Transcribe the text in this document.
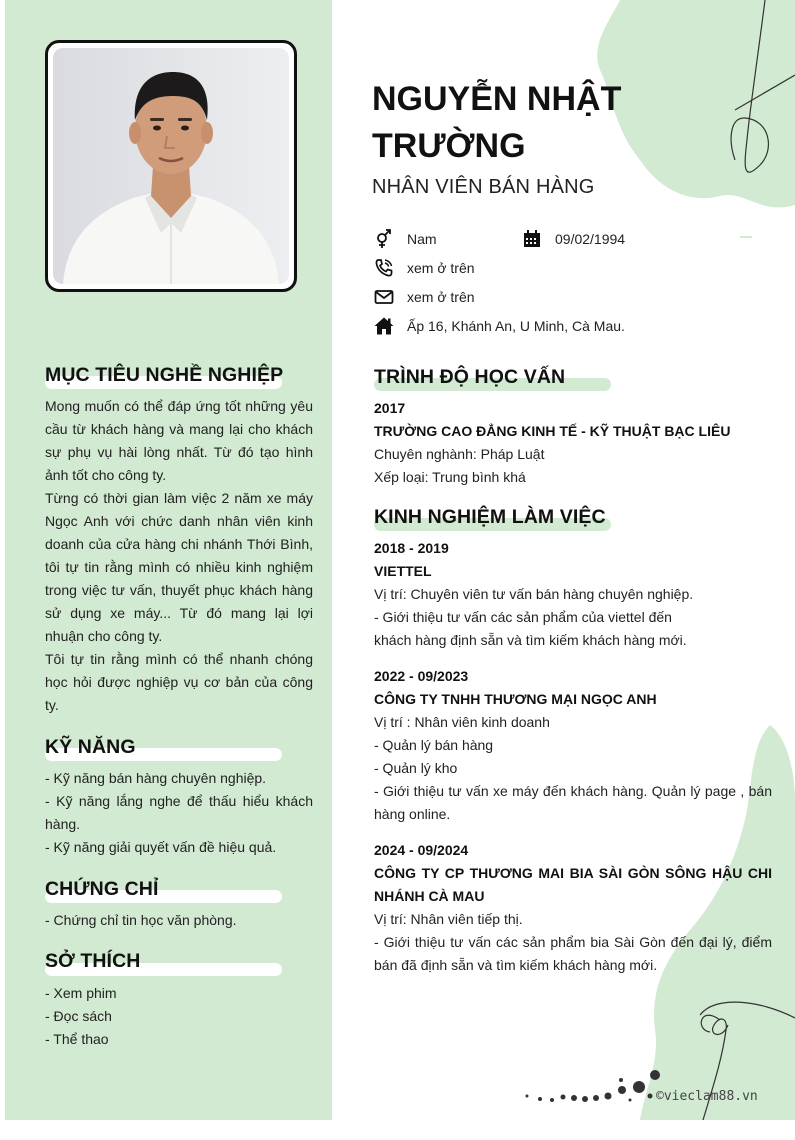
MỤC TIÊU NGHỀ NGHIỆP

Mong muốn có thể đáp ứng tốt những yêu cầu từ khách hàng và mang lại cho khách sự phụ vụ hài lòng nhất. Từ đó tạo hình ảnh tốt cho công ty.

Từng có thời gian làm việc 2 năm xe máy Ngọc Anh với chức danh nhân viên kinh doanh của cửa hàng chi nhánh Thới Bình, tôi tự tin rằng mình có nhiều kinh nghiệm trong việc tư vấn, thuyết phục khách hàng sử dụng xe máy... Từ đó mang lại lợi nhuận cho công ty.

Tôi tự tin rằng mình có thể nhanh chóng học hỏi được nghiệp vụ cơ bản của công ty.

KỸ NĂNG

- Kỹ năng bán hàng chuyên nghiệp.

- Kỹ năng lắng nghe để thấu hiểu khách hàng.

- Kỹ năng giải quyết vấn đề hiệu quả.

CHỨNG CHỈ

- Chứng chỉ tin học văn phòng.

SỞ THÍCH

- Xem phim

- Đọc sách

- Thể thao

NGUYỄN NHẬT TRƯỜNG
NHÂN VIÊN BÁN HÀNG
Nam	09/02/1994
xem ở trên
xem ở trên
Ấp 16, Khánh An, U Minh, Cà Mau.
TRÌNH ĐỘ HỌC VẤN

2017

TRƯỜNG CAO ĐẲNG KINH TẾ - KỸ THUẬT BẠC LIÊU

Chuyên nghành: Pháp Luật

Xếp loại: Trung bình khá

KINH NGHIỆM LÀM VIỆC

2018 - 2019

VIETTEL

Vị trí: Chuyên viên tư vấn bán hàng chuyên nghiệp.

- Giới thiệu tư vấn các sản phẩm của viettel đến khách hàng định sẵn và tìm kiếm khách hàng mới.

2022 - 09/2023

CÔNG TY TNHH THƯƠNG MẠI NGỌC ANH

Vị trí : Nhân viên kinh doanh

- Quản lý bán hàng

- Quản lý kho

- Giới thiệu tư vấn xe máy đến khách hàng. Quản lý page , bán hàng online.

2024 - 09/2024

CÔNG TY CP THƯƠNG MAI BIA SÀI GÒN SÔNG HẬU CHI NHÁNH CÀ MAU

Vị trí: Nhân viên tiếp thị.

- Giới thiệu tư vấn các sản phẩm bia Sài Gòn đến đại lý, điểm bán đã định sẵn và tìm kiếm khách hàng mới.

©vieclam88.vn
